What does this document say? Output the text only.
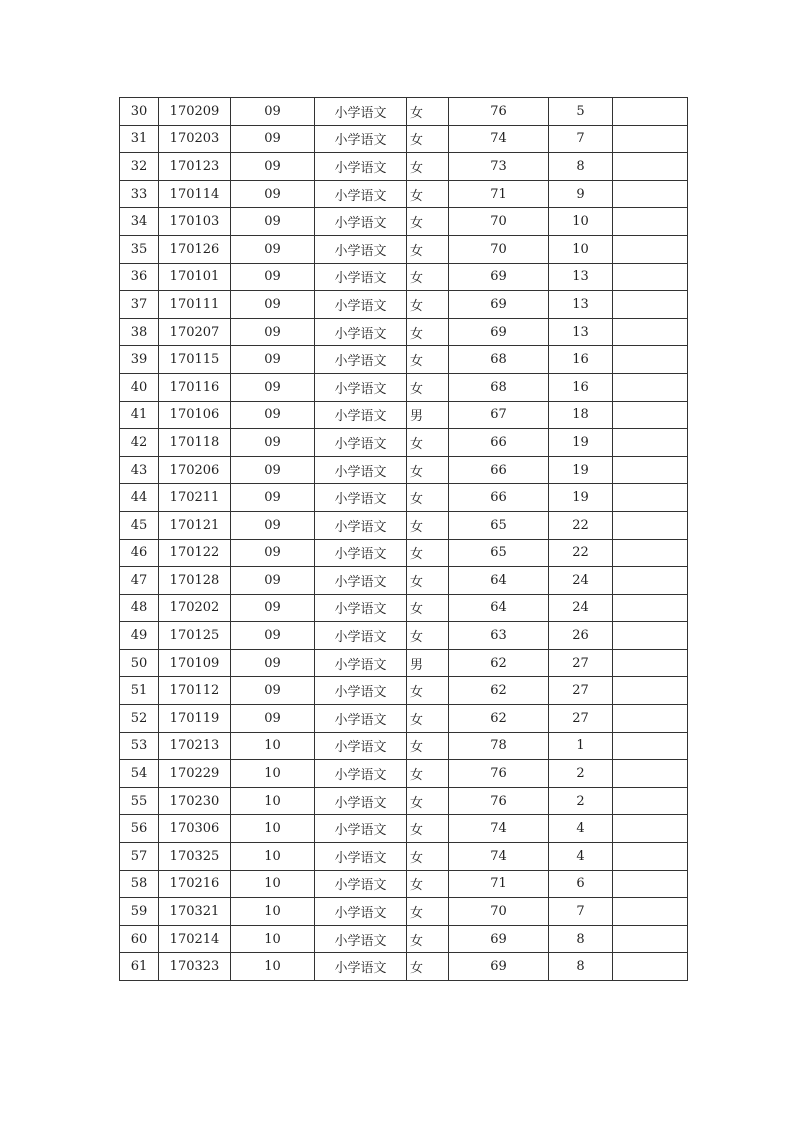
30	170209	09	小学语文	女	76	5	
31	170203	09	小学语文	女	74	7	
32	170123	09	小学语文	女	73	8	
33	170114	09	小学语文	女	71	9	
34	170103	09	小学语文	女	70	10	
35	170126	09	小学语文	女	70	10	
36	170101	09	小学语文	女	69	13	
37	170111	09	小学语文	女	69	13	
38	170207	09	小学语文	女	69	13	
39	170115	09	小学语文	女	68	16	
40	170116	09	小学语文	女	68	16	
41	170106	09	小学语文	男	67	18	
42	170118	09	小学语文	女	66	19	
43	170206	09	小学语文	女	66	19	
44	170211	09	小学语文	女	66	19	
45	170121	09	小学语文	女	65	22	
46	170122	09	小学语文	女	65	22	
47	170128	09	小学语文	女	64	24	
48	170202	09	小学语文	女	64	24	
49	170125	09	小学语文	女	63	26	
50	170109	09	小学语文	男	62	27	
51	170112	09	小学语文	女	62	27	
52	170119	09	小学语文	女	62	27	
53	170213	10	小学语文	女	78	1	
54	170229	10	小学语文	女	76	2	
55	170230	10	小学语文	女	76	2	
56	170306	10	小学语文	女	74	4	
57	170325	10	小学语文	女	74	4	
58	170216	10	小学语文	女	71	6	
59	170321	10	小学语文	女	70	7	
60	170214	10	小学语文	女	69	8	
61	170323	10	小学语文	女	69	8	
